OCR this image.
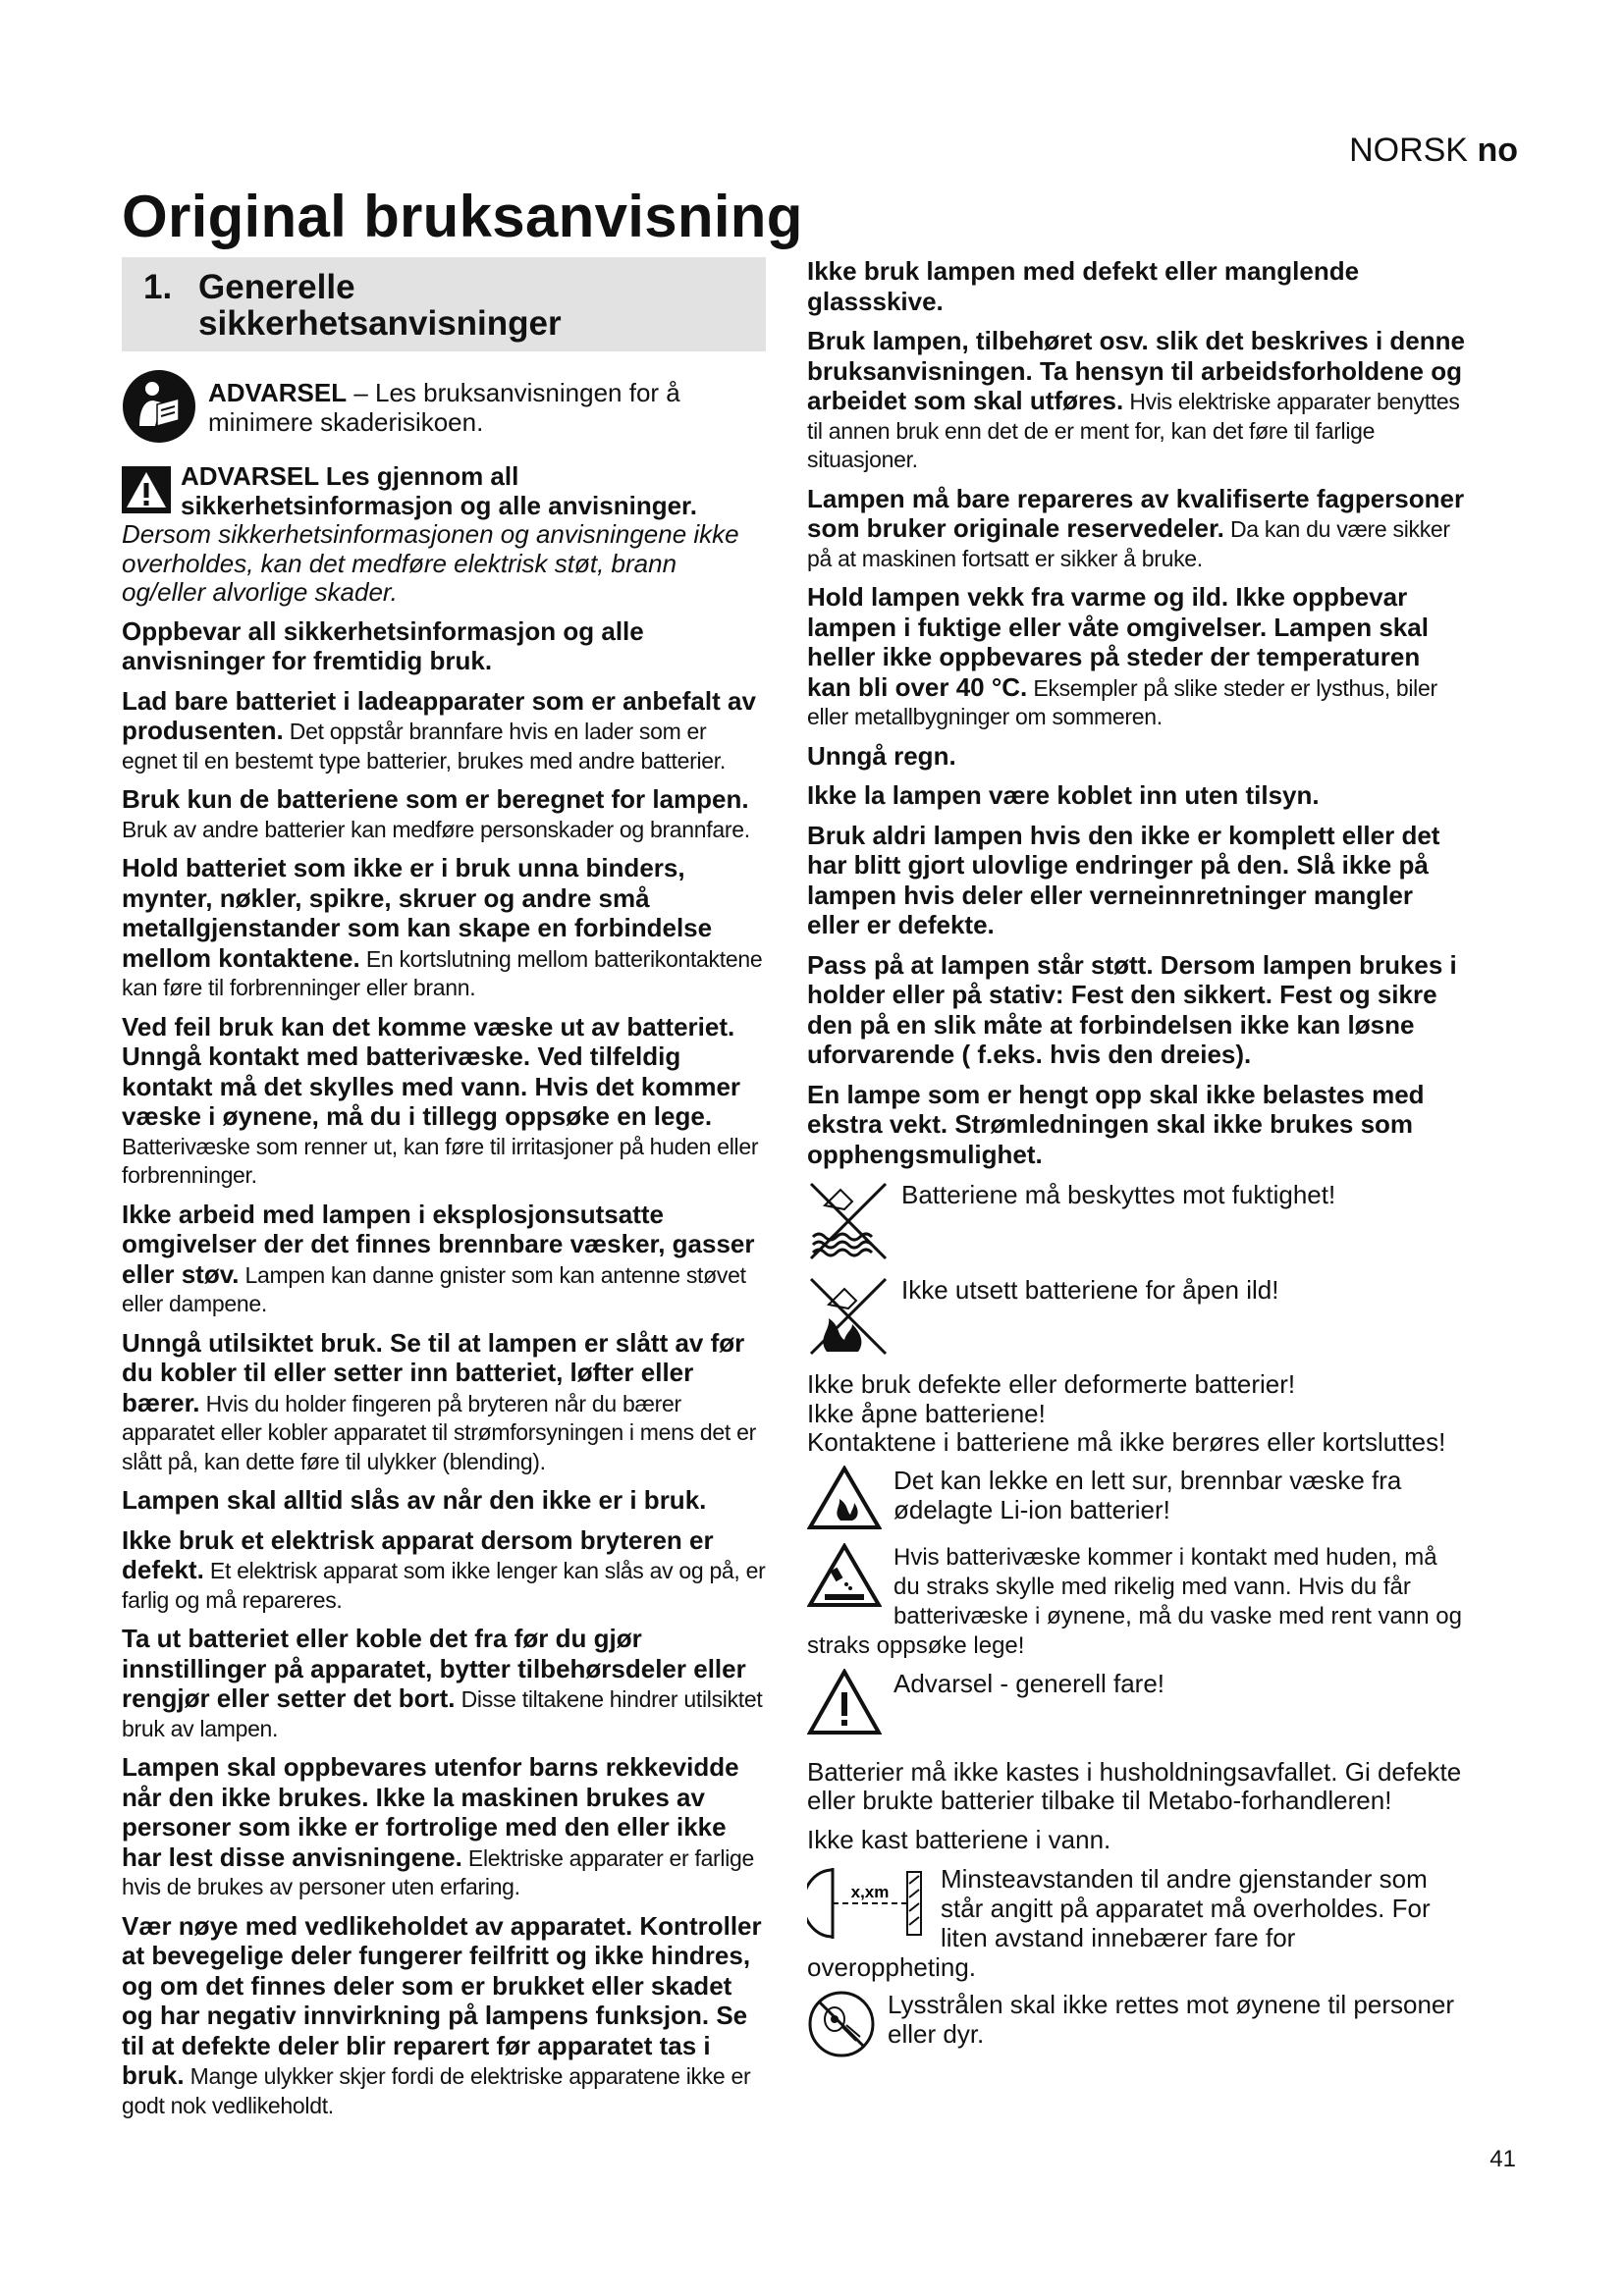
NORSK no
Original bruksanvisning
1. Generelle
sikkerhetsanvisninger
ADVARSEL – Les bruksanvisningen for å minimere skaderisikoen.
ADVARSEL Les gjennom all sikkerhetsinformasjon og alle anvisninger. Dersom sikkerhetsinformasjonen og anvisningene ikke overholdes, kan det medføre elektrisk støt, brann og/eller alvorlige skader.

Oppbevar all sikkerhetsinformasjon og alle anvisninger for fremtidig bruk.

Lad bare batteriet i ladeapparater som er anbefalt av produsenten. Det oppstår brannfare hvis en lader som er egnet til en bestemt type batterier, brukes med andre batterier.

Bruk kun de batteriene som er beregnet for lampen. Bruk av andre batterier kan medføre personskader og brannfare.

Hold batteriet som ikke er i bruk unna binders, mynter, nøkler, spikre, skruer og andre små metallgjenstander som kan skape en forbindelse mellom kontaktene. En kortslutning mellom batterikontaktene kan føre til forbrenninger eller brann.

Ved feil bruk kan det komme væske ut av batteriet. Unngå kontakt med batterivæske. Ved tilfeldig kontakt må det skylles med vann. Hvis det kommer væske i øynene, må du i tillegg oppsøke en lege. Batterivæske som renner ut, kan føre til irritasjoner på huden eller forbrenninger.

Ikke arbeid med lampen i eksplosjonsutsatte omgivelser der det finnes brennbare væsker, gasser eller støv. Lampen kan danne gnister som kan antenne støvet eller dampene.

Unngå utilsiktet bruk. Se til at lampen er slått av før du kobler til eller setter inn batteriet, løfter eller bærer. Hvis du holder fingeren på bryteren når du bærer apparatet eller kobler apparatet til strømforsyningen i mens det er slått på, kan dette føre til ulykker (blending).

Lampen skal alltid slås av når den ikke er i bruk.

Ikke bruk et elektrisk apparat dersom bryteren er defekt. Et elektrisk apparat som ikke lenger kan slås av og på, er farlig og må repareres.

Ta ut batteriet eller koble det fra før du gjør innstillinger på apparatet, bytter tilbehørsdeler eller rengjør eller setter det bort. Disse tiltakene hindrer utilsiktet bruk av lampen.

Lampen skal oppbevares utenfor barns rekkevidde når den ikke brukes. Ikke la maskinen brukes av personer som ikke er fortrolige med den eller ikke har lest disse anvisningene. Elektriske apparater er farlige hvis de brukes av personer uten erfaring.

Vær nøye med vedlikeholdet av apparatet. Kontroller at bevegelige deler fungerer feilfritt og ikke hindres, og om det finnes deler som er brukket eller skadet og har negativ innvirkning på lampens funksjon. Se til at defekte deler blir reparert før apparatet tas i bruk. Mange ulykker skjer fordi de elektriske apparatene ikke er godt nok vedlikeholdt.

Ikke bruk lampen med defekt eller manglende glassskive.

Bruk lampen, tilbehøret osv. slik det beskrives i denne bruksanvisningen. Ta hensyn til arbeidsforholdene og arbeidet som skal utføres. Hvis elektriske apparater benyttes til annen bruk enn det de er ment for, kan det føre til farlige situasjoner.

Lampen må bare repareres av kvalifiserte fagpersoner som bruker originale reservedeler. Da kan du være sikker på at maskinen fortsatt er sikker å bruke.

Hold lampen vekk fra varme og ild. Ikke oppbevar lampen i fuktige eller våte omgivelser. Lampen skal heller ikke oppbevares på steder der temperaturen kan bli over 40 °C. Eksempler på slike steder er lysthus, biler eller metallbygninger om sommeren.

Unngå regn.

Ikke la lampen være koblet inn uten tilsyn.

Bruk aldri lampen hvis den ikke er komplett eller det har blitt gjort ulovlige endringer på den. Slå ikke på lampen hvis deler eller verneinnretninger mangler eller er defekte.

Pass på at lampen står støtt. Dersom lampen brukes i holder eller på stativ: Fest den sikkert. Fest og sikre den på en slik måte at forbindelsen ikke kan løsne uforvarende ( f.eks. hvis den dreies).

En lampe som er hengt opp skal ikke belastes med ekstra vekt. Strømledningen skal ikke brukes som opphengsmulighet.

Batteriene må beskyttes mot fuktighet!
Ikke utsett batteriene for åpen ild!

Ikke bruk defekte eller deformerte batterier!
Ikke åpne batteriene!
Kontaktene i batteriene må ikke berøres eller kortsluttes!

Det kan lekke en lett sur, brennbar væske fra ødelagte Li-ion batterier!
Hvis batterivæske kommer i kontakt med huden, må du straks skylle med rikelig med vann. Hvis du får batterivæske i øynene, må du vaske med rent vann og straks oppsøke lege!
Advarsel - generell fare!

Batterier må ikke kastes i husholdningsavfallet. Gi defekte eller brukte batterier tilbake til Metabo-forhandleren!

Ikke kast batteriene i vann.

x,xm	Minsteavstanden til andre gjenstander som står angitt på apparatet må overholdes. For liten avstand innebærer fare for overoppheting.
Lysstrålen skal ikke rettes mot øynene til personer eller dyr.
41
